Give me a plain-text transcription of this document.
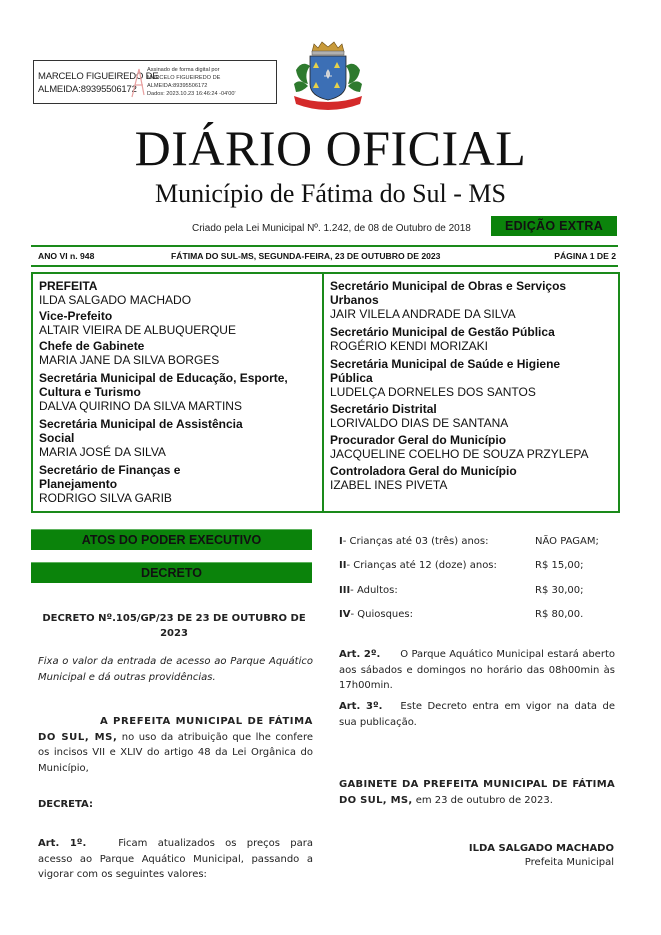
MARCELO FIGUEIREDO DE
ALMEIDA:89395506172
Assinado de forma digital por
MARCELO FIGUEIREDO DE
ALMEIDA:89395506172
Dados: 2023.10.23 16:46:24 -04'00'
DIÁRIO OFICIAL
Município de Fátima do Sul - MS
Criado pela Lei Municipal Nº. 1.242, de 08 de Outubro de 2018	EDIÇÃO EXTRA
ANO VI n. 948	FÁTIMA DO SUL-MS, SEGUNDA-FEIRA, 23 DE OUTUBRO DE 2023	PÁGINA 1 DE 2
PREFEITA
ILDA SALGADO MACHADO
Vice-Prefeito
ALTAIR VIEIRA DE ALBUQUERQUE
Chefe de Gabinete
MARIA JANE DA SILVA BORGES
Secretária Municipal de Educação, Esporte, Cultura e Turismo
DALVA QUIRINO DA SILVA MARTINS
Secretária Municipal de Assistência Social
MARIA JOSÉ DA SILVA
Secretário de Finanças e Planejamento
RODRIGO SILVA GARIB
Secretário Municipal de Obras e Serviços Urbanos
JAIR VILELA ANDRADE DA SILVA
Secretário Municipal de Gestão Pública
ROGÉRIO KENDI MORIZAKI
Secretária Municipal de Saúde e Higiene Pública
LUDELÇA DORNELES DOS SANTOS
Secretário Distrital
LORIVALDO DIAS DE SANTANA
Procurador Geral do Município
JACQUELINE COELHO DE SOUZA PRZYLEPA
Controladora Geral do Município
IZABEL INES PIVETA
ATOS DO PODER EXECUTIVO
DECRETO
DECRETO Nº.105/GP/23 DE 23 DE OUTUBRO DE 2023
Fixa o valor da entrada de acesso ao Parque Aquático Municipal e dá outras providências.
A PREFEITA MUNICIPAL DE FÁTIMA DO SUL, MS, no uso da atribuição que lhe confere os incisos VII e XLIV do artigo 48 da Lei Orgânica do Município,
DECRETA:
Art. 1º.	Ficam atualizados os preços para acesso ao Parque Aquático Municipal, passando a vigorar com os seguintes valores:
I- Crianças até 03 (três) anos:	NÃO PAGAM;
II- Crianças até 12 (doze) anos:	R$ 15,00;
III- Adultos:	R$ 30,00;
IV- Quiosques:	R$ 80,00.
Art. 2º. O Parque Aquático Municipal estará aberto aos sábados e domingos no horário das 08h00min às 17h00min.
Art. 3º. Este Decreto entra em vigor na data de sua publicação.
GABINETE DA PREFEITA MUNICIPAL DE FÁTIMA DO SUL, MS, em 23 de outubro de 2023.
ILDA SALGADO MACHADO
Prefeita Municipal
